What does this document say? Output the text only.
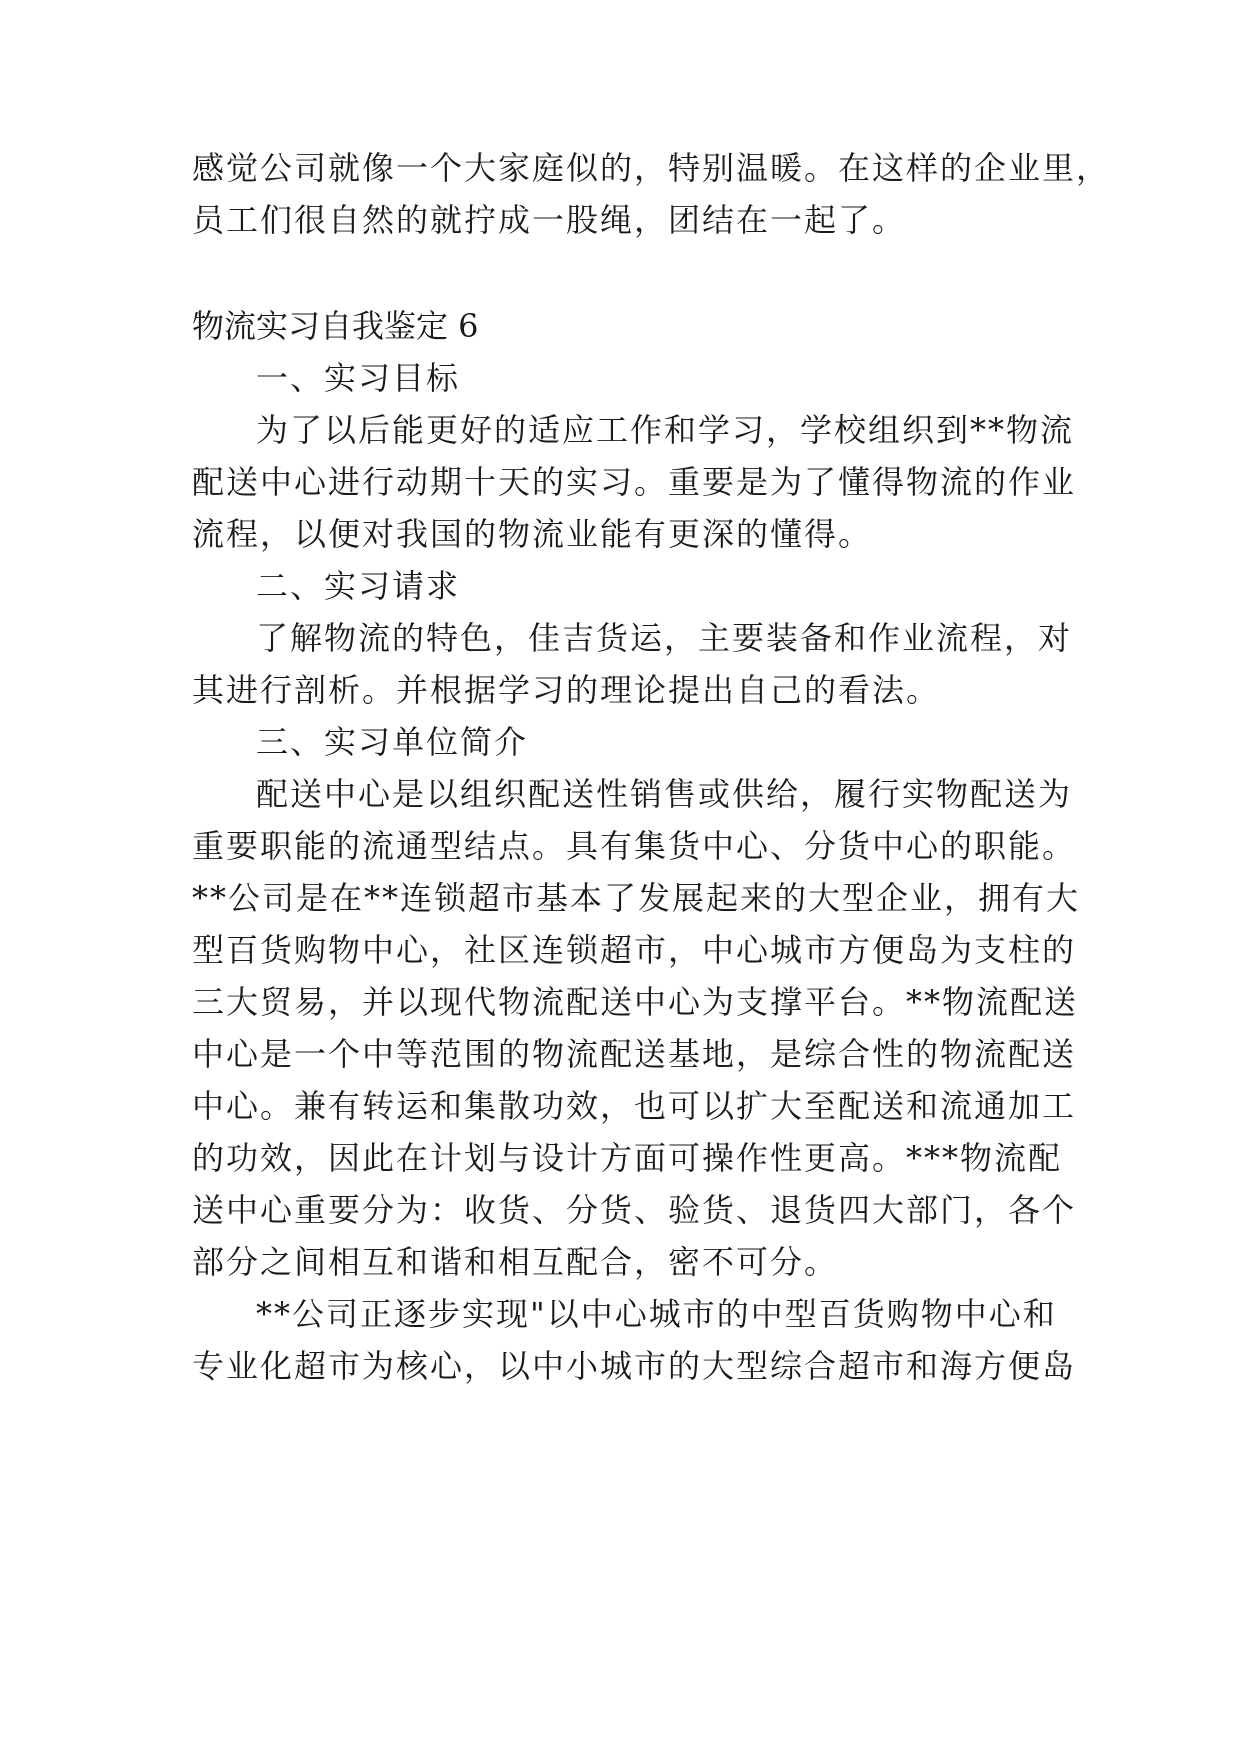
感觉公司就像一个大家庭似的，特别温暖。在这样的企业里，
员工们很自然的就拧成一股绳，团结在一起了。
物流实习自我鉴定 6
一、实习目标
为了以后能更好的适应工作和学习，学校组织到**物流
配送中心进行动期十天的实习。重要是为了懂得物流的作业
流程，以便对我国的物流业能有更深的懂得。
二、实习请求
了解物流的特色，佳吉货运，主要装备和作业流程，对
其进行剖析。并根据学习的理论提出自己的看法。
三、实习单位简介
配送中心是以组织配送性销售或供给，履行实物配送为
重要职能的流通型结点。具有集货中心、分货中心的职能。
**公司是在**连锁超市基本了发展起来的大型企业，拥有大
型百货购物中心，社区连锁超市，中心城市方便岛为支柱的
三大贸易，并以现代物流配送中心为支撑平台。**物流配送
中心是一个中等范围的物流配送基地，是综合性的物流配送
中心。兼有转运和集散功效，也可以扩大至配送和流通加工
的功效，因此在计划与设计方面可操作性更高。***物流配
送中心重要分为：收货、分货、验货、退货四大部门，各个
部分之间相互和谐和相互配合，密不可分。
**公司正逐步实现"以中心城市的中型百货购物中心和
专业化超市为核心，以中小城市的大型综合超市和海方便岛
